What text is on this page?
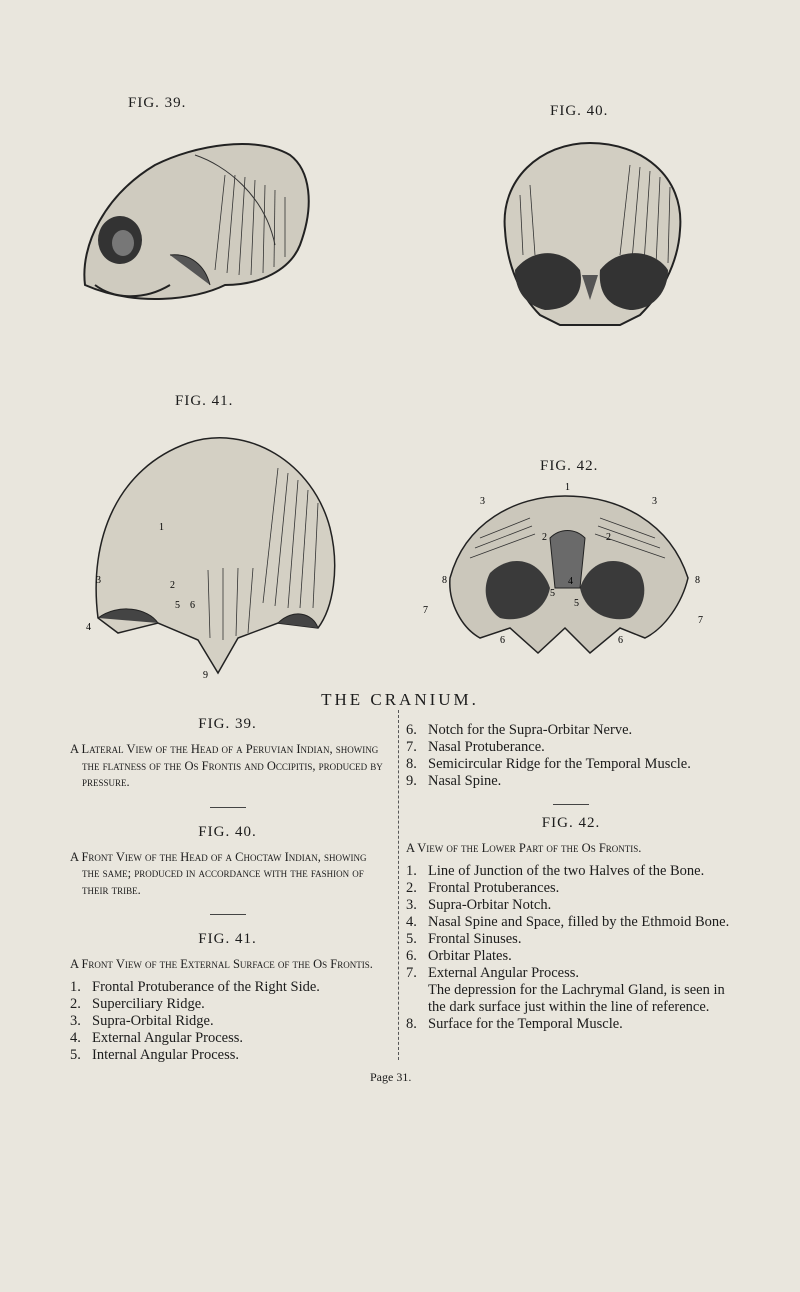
FIG. 39.	FIG. 40.
FIG. 41.
FIG. 42.
1
2
3
4
5 6
9
1
2	2
3	3
4
5
5
6	6
7
7
8	8
THE CRANIUM.
FIG. 39.

A Lateral View of the Head of a Peruvian Indian, showing the flatness of the Os Frontis and Occipitis, produced by pressure.

FIG. 40.

A Front View of the Head of a Choctaw Indian, showing the same; produced in accordance with the fashion of their tribe.

FIG. 41.

A Front View of the External Surface of the Os Frontis.

1. Frontal Protuberance of the Right Side.
2. Superciliary Ridge.
3. Supra-Orbital Ridge.
4. External Angular Process.
5. Internal Angular Process.
6. Notch for the Supra-Orbitar Nerve.
7. Nasal Protuberance.
8. Semicircular Ridge for the Temporal Muscle.
9. Nasal Spine.
FIG. 42.

A View of the Lower Part of the Os Frontis.

1. Line of Junction of the two Halves of the Bone.
2. Frontal Protuberances.
3. Supra-Orbitar Notch.
4. Nasal Spine and Space, filled by the Ethmoid Bone.
5. Frontal Sinuses.
6. Orbitar Plates.
7. External Angular Process.
The depression for the Lachrymal Gland, is seen in the dark surface just within the line of reference.
8. Surface for the Temporal Muscle.
Page 31.
